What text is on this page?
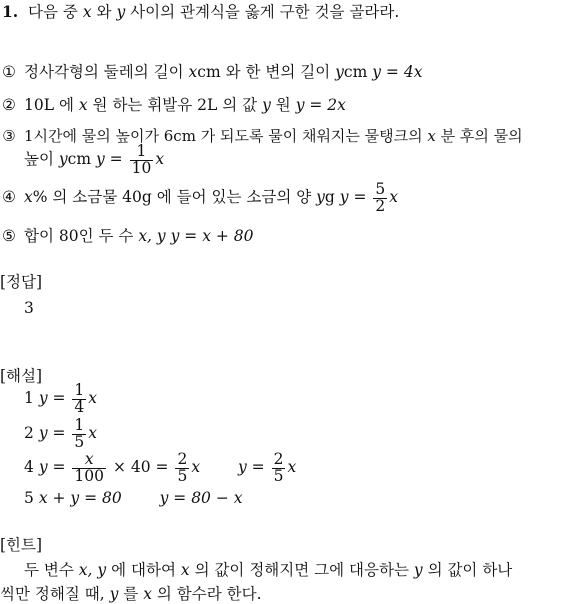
1. 다음 중 x 와 y 사이의 관계식을 옳게 구한 것을 골라라.
① 정사각형의 둘레의 길이 xcm 와 한 변의 길이 ycm y = 4x
② 10L 에 x 원 하는 휘발유 2L 의 값 y 원 y = 2x
③ 1시간에 물의 높이가 6cm 가 되도록 물이 채워지는 물탱크의 x 분 후의 물의
높이 ycm $y = \frac{1}{10}$ x
④ x% 의 소금물 40g 에 들어 있는 소금의 양 yg $y = \frac{5}{2}$ x
⑤ 합이 80인 두 수 x, y y = x + 80
[정답]
3
[해설]
1 $y = \frac{1}{4}$ x
2 $y = \frac{1}{5}$ x
4 $y = \frac{x}{100} \times 40 = \frac{2}{5}$ x $y = \frac{2}{5}$ x
5 x + y = 80 y = 80 − x
[힌트]
두 변수 x, y 에 대하여 x 의 값이 정해지면 그에 대응하는 y 의 값이 하나
씩만 정해질 때, y 를 x 의 함수라 한다.
